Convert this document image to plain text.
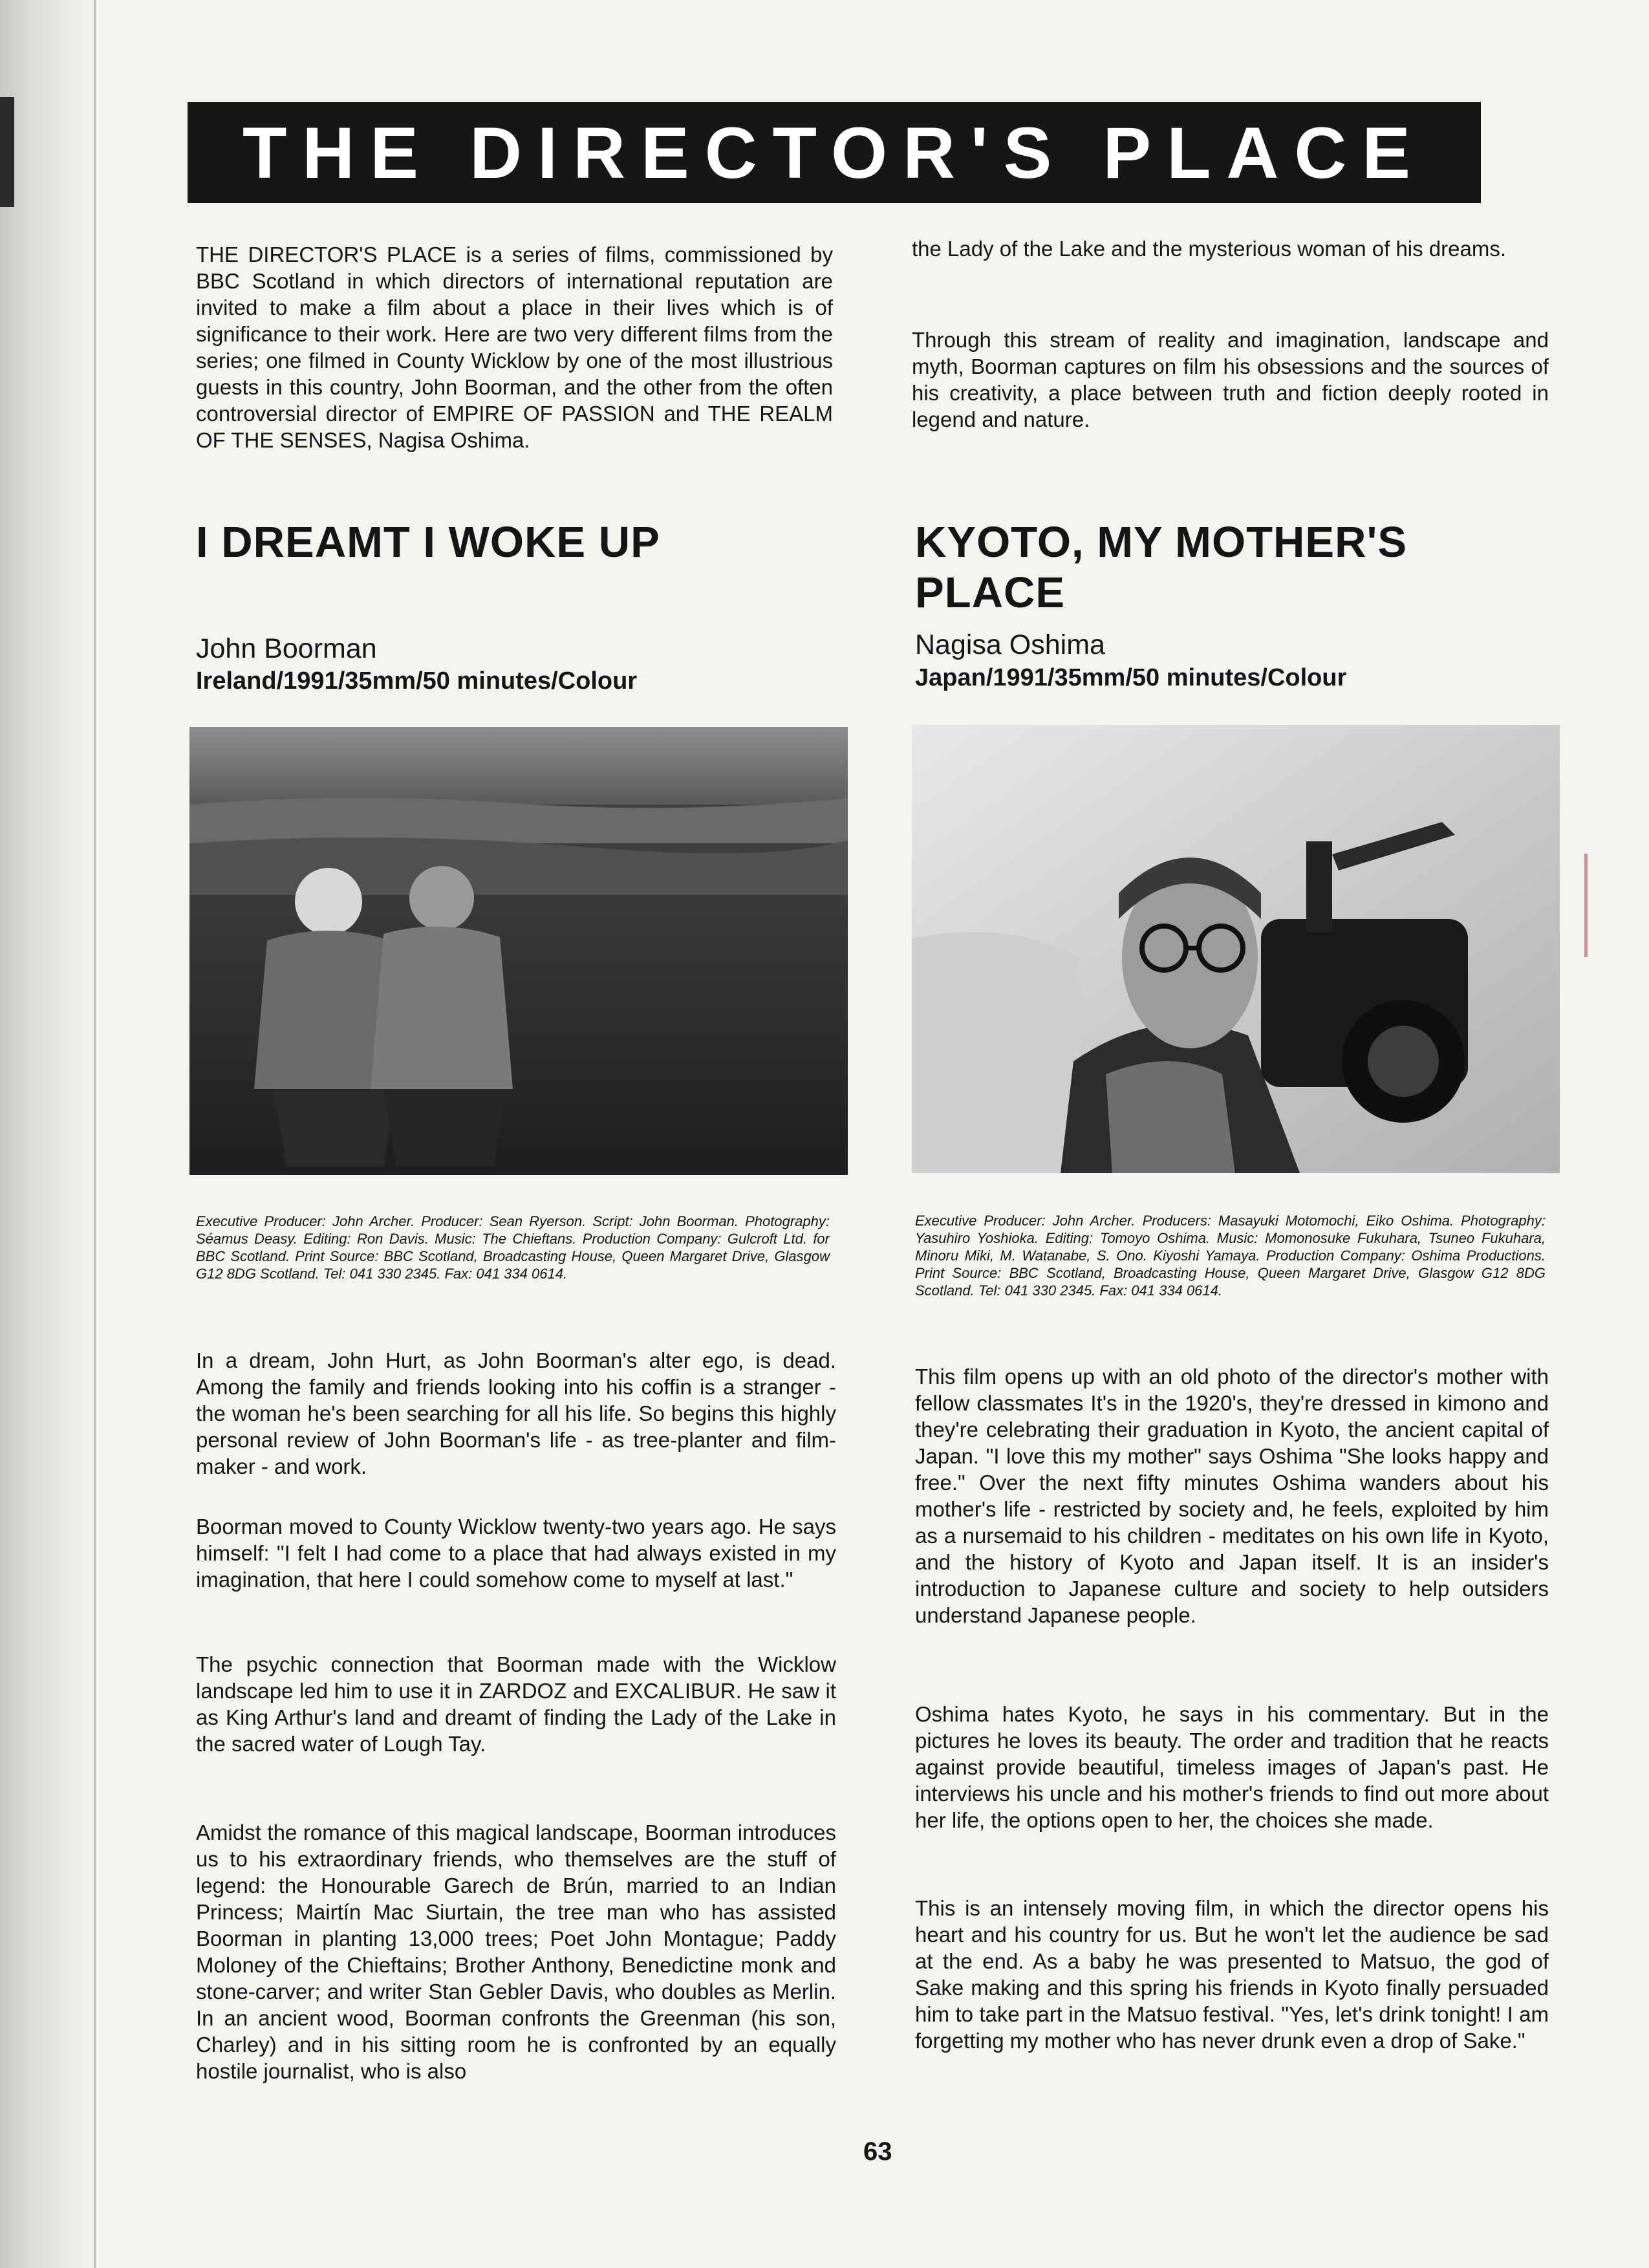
THE DIRECTOR'S PLACE

THE DIRECTOR'S PLACE is a series of films, commissioned by BBC Scotland in which directors of international reputation are invited to make a film about a place in their lives which is of significance to their work. Here are two very different films from the series; one filmed in County Wicklow by one of the most illustrious guests in this country, John Boorman, and the other from the often controversial director of EMPIRE OF PASSION and THE REALM OF THE SENSES, Nagisa Oshima.

I DREAMT I WOKE UP

John Boorman

Ireland/1991/35mm/50 minutes/Colour

Executive Producer: John Archer. Producer: Sean Ryerson. Script: John Boorman. Photography: Séamus Deasy. Editing: Ron Davis. Music: The Chieftans. Production Company: Gulcroft Ltd. for BBC Scotland. Print Source: BBC Scotland, Broadcasting House, Queen Margaret Drive, Glasgow G12 8DG Scotland. Tel: 041 330 2345. Fax: 041 334 0614.

In a dream, John Hurt, as John Boorman's alter ego, is dead. Among the family and friends looking into his coffin is a stranger - the woman he's been searching for all his life. So begins this highly personal review of John Boorman's life - as tree-planter and film-maker - and work.

Boorman moved to County Wicklow twenty-two years ago. He says himself: "I felt I had come to a place that had always existed in my imagination, that here I could somehow come to myself at last."

The psychic connection that Boorman made with the Wicklow landscape led him to use it in ZARDOZ and EXCALIBUR. He saw it as King Arthur's land and dreamt of finding the Lady of the Lake in the sacred water of Lough Tay.

Amidst the romance of this magical landscape, Boorman introduces us to his extraordinary friends, who themselves are the stuff of legend: the Honourable Garech de Brún, married to an Indian Princess; Mairtín Mac Siurtain, the tree man who has assisted Boorman in planting 13,000 trees; Poet John Montague; Paddy Moloney of the Chieftains; Brother Anthony, Benedictine monk and stone-carver; and writer Stan Gebler Davis, who doubles as Merlin. In an ancient wood, Boorman confronts the Greenman (his son, Charley) and in his sitting room he is confronted by an equally hostile journalist, who is also

the Lady of the Lake and the mysterious woman of his dreams.

Through this stream of reality and imagination, landscape and myth, Boorman captures on film his obsessions and the sources of his creativity, a place between truth and fiction deeply rooted in legend and nature.

KYOTO, MY MOTHER'S
PLACE

Nagisa Oshima

Japan/1991/35mm/50 minutes/Colour

Executive Producer: John Archer. Producers: Masayuki Motomochi, Eiko Oshima. Photography: Yasuhiro Yoshioka. Editing: Tomoyo Oshima. Music: Momonosuke Fukuhara, Tsuneo Fukuhara, Minoru Miki, M. Watanabe, S. Ono. Kiyoshi Yamaya. Production Company: Oshima Productions. Print Source: BBC Scotland, Broadcasting House, Queen Margaret Drive, Glasgow G12 8DG Scotland. Tel: 041 330 2345. Fax: 041 334 0614.

This film opens up with an old photo of the director's mother with fellow classmates It's in the 1920's, they're dressed in kimono and they're celebrating their graduation in Kyoto, the ancient capital of Japan. "I love this my mother" says Oshima "She looks happy and free." Over the next fifty minutes Oshima wanders about his mother's life - restricted by society and, he feels, exploited by him as a nursemaid to his children - meditates on his own life in Kyoto, and the history of Kyoto and Japan itself. It is an insider's introduction to Japanese culture and society to help outsiders understand Japanese people.

Oshima hates Kyoto, he says in his commentary. But in the pictures he loves its beauty. The order and tradition that he reacts against provide beautiful, timeless images of Japan's past. He interviews his uncle and his mother's friends to find out more about her life, the options open to her, the choices she made.

This is an intensely moving film, in which the director opens his heart and his country for us. But he won't let the audience be sad at the end. As a baby he was presented to Matsuo, the god of Sake making and this spring his friends in Kyoto finally persuaded him to take part in the Matsuo festival. "Yes, let's drink tonight! I am forgetting my mother who has never drunk even a drop of Sake."

63
